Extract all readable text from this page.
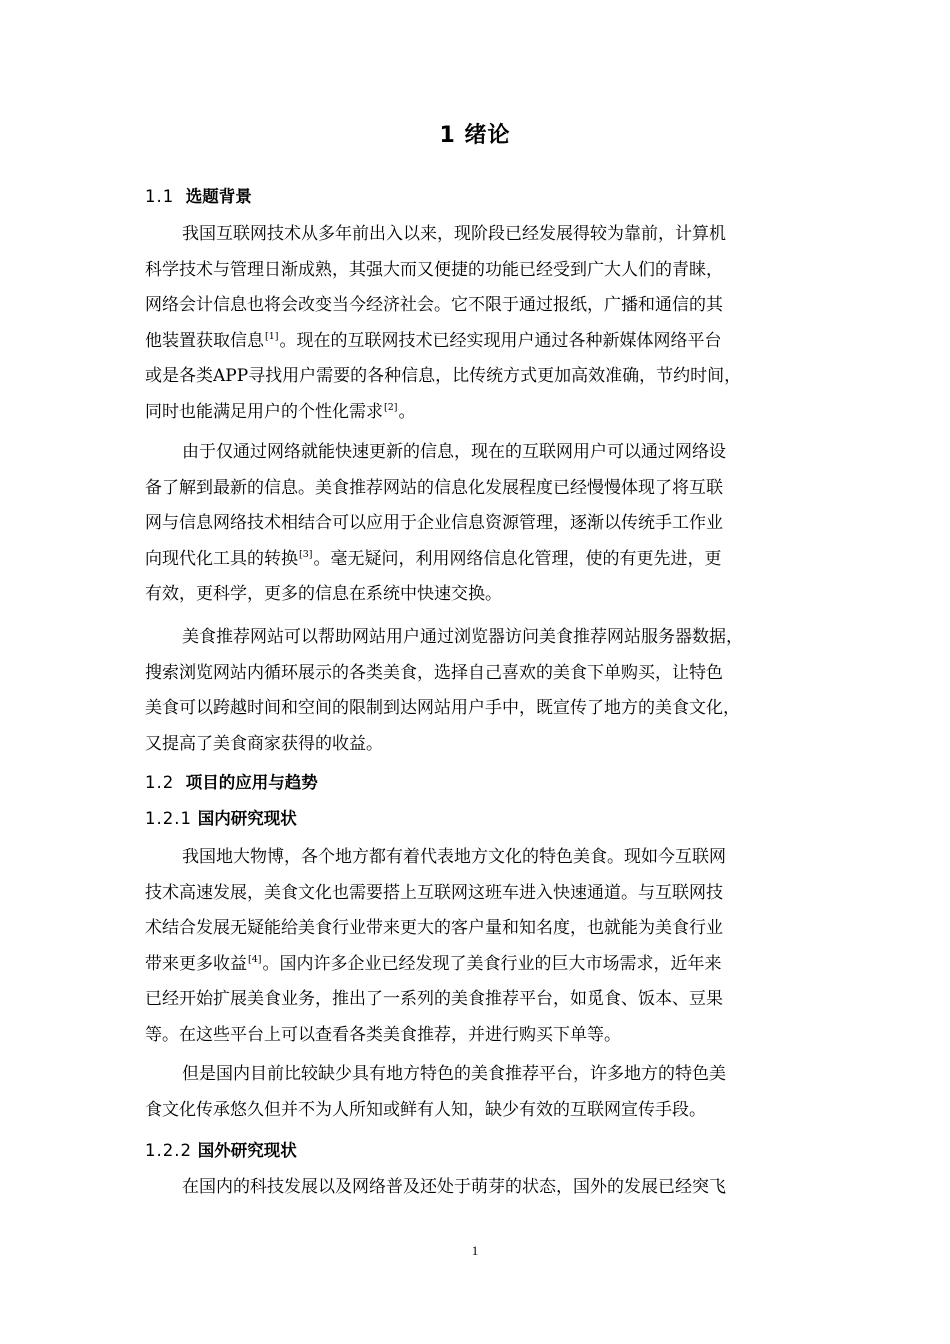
1 绪论
1.1 选题背景
我国互联网技术从多年前出入以来，现阶段已经发展得较为靠前，计算机
科学技术与管理日渐成熟，其强大而又便捷的功能已经受到广大人们的青睐，
网络会计信息也将会改变当今经济社会。它不限于通过报纸，广播和通信的其
他装置获取信息[1]。现在的互联网技术已经实现用户通过各种新媒体网络平台
或是各类APP寻找用户需要的各种信息，比传统方式更加高效准确，节约时间，
同时也能满足用户的个性化需求[2]。
由于仅通过网络就能快速更新的信息，现在的互联网用户可以通过网络设
备了解到最新的信息。美食推荐网站的信息化发展程度已经慢慢体现了将互联
网与信息网络技术相结合可以应用于企业信息资源管理，逐渐以传统手工作业
向现代化工具的转换[3]。毫无疑问，利用网络信息化管理，使的有更先进，更
有效，更科学，更多的信息在系统中快速交换。
美食推荐网站可以帮助网站用户通过浏览器访问美食推荐网站服务器数据，
搜索浏览网站内循环展示的各类美食，选择自己喜欢的美食下单购买，让特色
美食可以跨越时间和空间的限制到达网站用户手中，既宣传了地方的美食文化，
又提高了美食商家获得的收益。
1.2 项目的应用与趋势
1.2.1 国内研究现状
我国地大物博，各个地方都有着代表地方文化的特色美食。现如今互联网
技术高速发展，美食文化也需要搭上互联网这班车进入快速通道。与互联网技
术结合发展无疑能给美食行业带来更大的客户量和知名度，也就能为美食行业
带来更多收益[4]。国内许多企业已经发现了美食行业的巨大市场需求，近年来
已经开始扩展美食业务，推出了一系列的美食推荐平台，如觅食、饭本、豆果
等。在这些平台上可以查看各类美食推荐，并进行购买下单等。
但是国内目前比较缺少具有地方特色的美食推荐平台，许多地方的特色美
食文化传承悠久但并不为人所知或鲜有人知，缺少有效的互联网宣传手段。
1.2.2 国外研究现状
在国内的科技发展以及网络普及还处于萌芽的状态，国外的发展已经突飞
1
